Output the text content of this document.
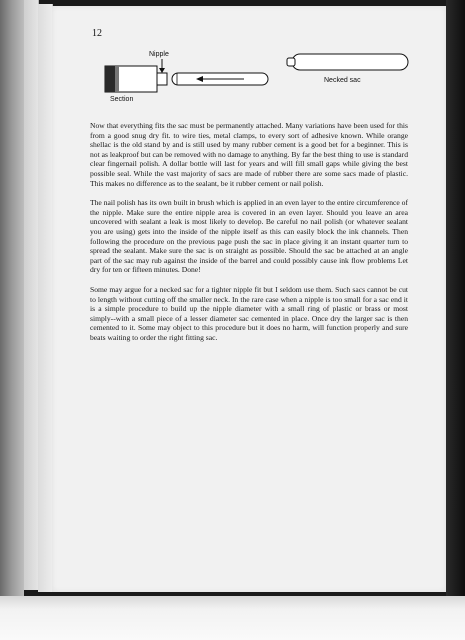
12
Nipple
Section
Necked sac

Now that everything fits the sac must be permanently attached. Many variations have been used for this from a good snug dry fit. to wire ties, metal clamps, to every sort of adhesive known. While orange shellac is the old stand by and is still used by many rubber cement is a good bet for a beginner. This is not as leakproof but can be removed with no damage to anything. By far the best thing to use is standard clear fingernail polish. A dollar bottle will last for years and will fill small gaps while giving the best possible seal. While the vast majority of sacs are made of rubber there are some sacs made of plastic. This makes no difference as to the sealant, be it rubber cement or nail polish.

The nail polish has its own built in brush which is applied in an even layer to the entire circumference of the nipple. Make sure the entire nipple area is covered in an even layer. Should you leave an area uncovered with sealant a leak is most likely to develop. Be careful no nail polish (or whatever sealant you are using) gets into the inside of the nipple itself as this can easily block the ink channels. Then following the procedure on the previous page push the sac in place giving it an instant quarter turn to spread the sealant. Make sure the sac is on straight as possible. Should the sac be attached at an angle part of the sac may rub against the inside of the barrel and could possibly cause ink flow problems Let dry for ten or fifteen minutes. Done!

Some may argue for a necked sac for a tighter nipple fit but I seldom use them. Such sacs cannot be cut to length without cutting off the smaller neck. In the rare case when a nipple is too small for a sac end it is a simple procedure to build up the nipple diameter with a small ring of plastic or brass or most simply--with a small piece of a lesser diameter sac cemented in place. Once dry the larger sac is then cemented to it. Some may object to this procedure but it does no harm, will function properly and sure beats waiting to order the right fitting sac.
